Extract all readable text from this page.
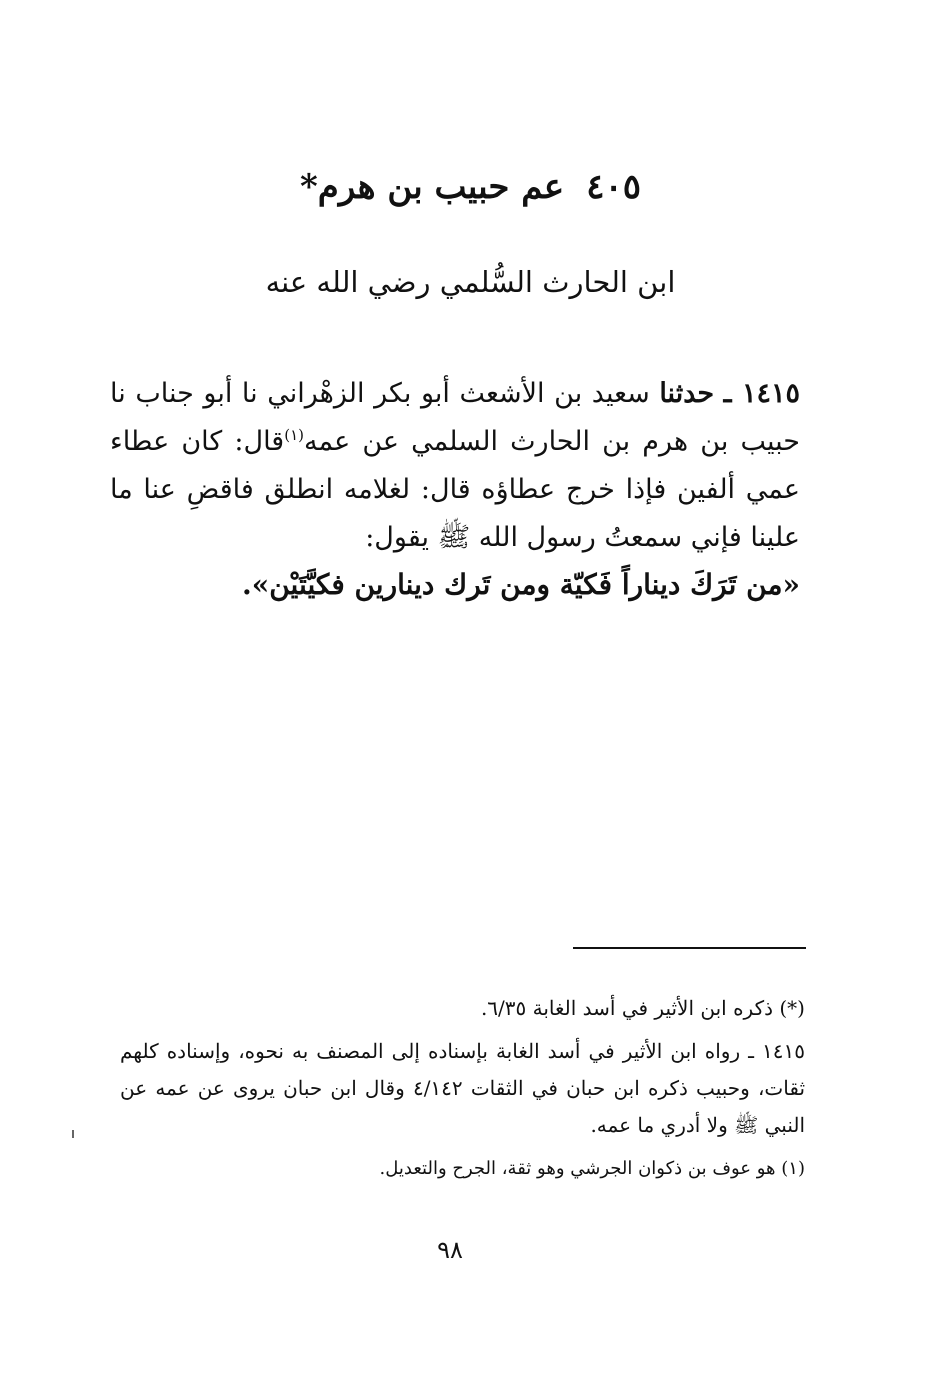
٤٠٥عم حبيب بن هرم*
ابن الحارث السُّلمي رضي الله عنه
١٤١٥ ـ حدثنا سعيد بن الأشعث أبو بكر الزهْراني نا أبو جناب نا حبيب بن هرم بن الحارث السلمي عن عمه$^{(١)}$قال: كان عطاء عمي ألفين فإذا خرج عطاؤه قال: لغلامه انطلق فاقضِ عنا ما علينا فإني سمعتُ رسول الله ﷺ يقول:
«من تَرَكَ ديناراً فَكيّة ومن تَرك دينارين فكيَّتَيْن».

(*) ذكره ابن الأثير في أسد الغابة ٦/٣٥.

١٤١٥ ـ رواه ابن الأثير في أسد الغابة بإسناده إلى المصنف به نحوه، وإسناده كلهم ثقات، وحبيب ذكره ابن حبان في الثقات ٤/١٤٢ وقال ابن حبان يروى عن عمه عن النبي ﷺ ولا أدري ما عمه.

(١) هو عوف بن ذكوان الجرشي وهو ثقة، الجرح والتعديل.

٩٨
